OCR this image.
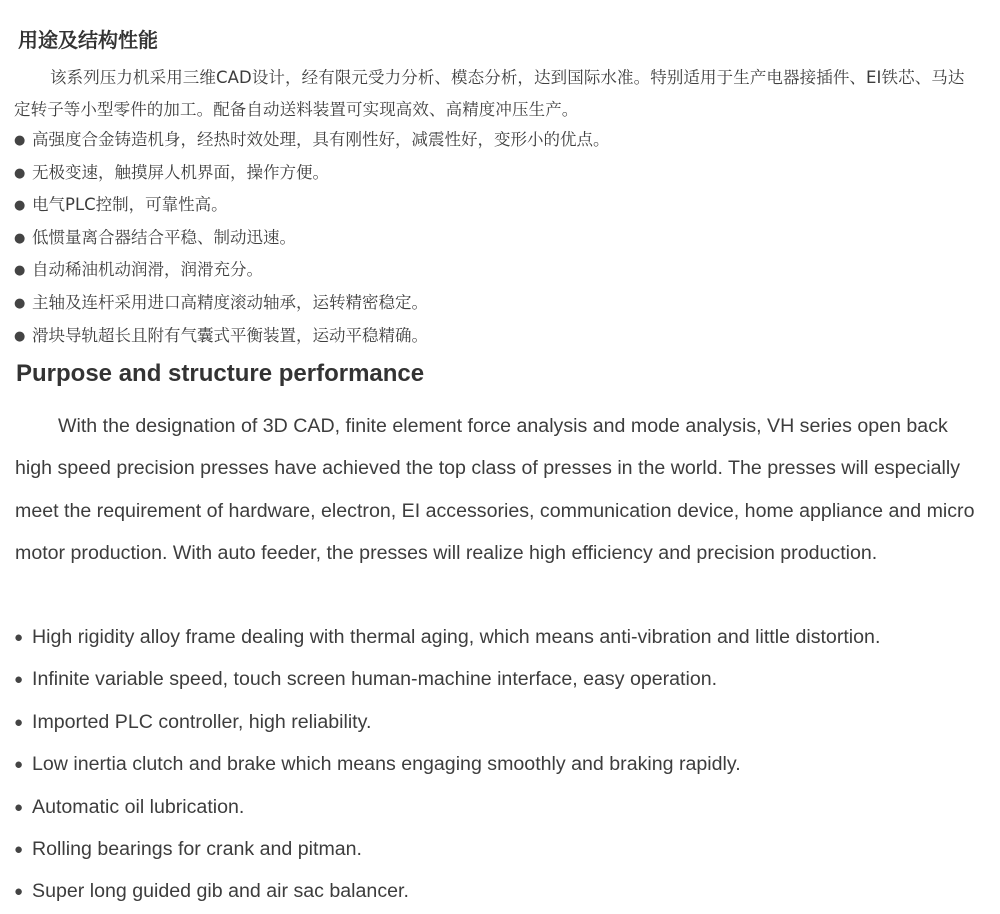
用途及结构性能
该系列压力机采用三维CAD设计，经有限元受力分析、模态分析，达到国际水准。特别适用于生产电器接插件、EI铁芯、马达定转子等小型零件的加工。配备自动送料装置可实现高效、高精度冲压生产。
● 高强度合金铸造机身，经热时效处理，具有刚性好，减震性好，变形小的优点。
● 无极变速，触摸屏人机界面，操作方便。
● 电气PLC控制，可靠性高。
● 低惯量离合器结合平稳、制动迅速。
● 自动稀油机动润滑，润滑充分。
● 主轴及连杆采用进口高精度滚动轴承，运转精密稳定。
● 滑块导轨超长且附有气囊式平衡装置，运动平稳精确。
Purpose and structure performance
With the designation of 3D CAD, finite element force analysis and mode analysis, VH series open back high speed precision presses have achieved the top class of presses in the world. The presses will especially meet the requirement of hardware, electron, EI accessories, communication device, home appliance and micro motor production. With auto feeder, the presses will realize high efficiency and precision production.
● High rigidity alloy frame dealing with thermal aging, which means anti-vibration and little distortion.
● Infinite variable speed, touch screen human-machine interface, easy operation.
● Imported PLC controller, high reliability.
● Low inertia clutch and brake which means engaging smoothly and braking rapidly.
● Automatic oil lubrication.
● Rolling bearings for crank and pitman.
● Super long guided gib and air sac balancer.
